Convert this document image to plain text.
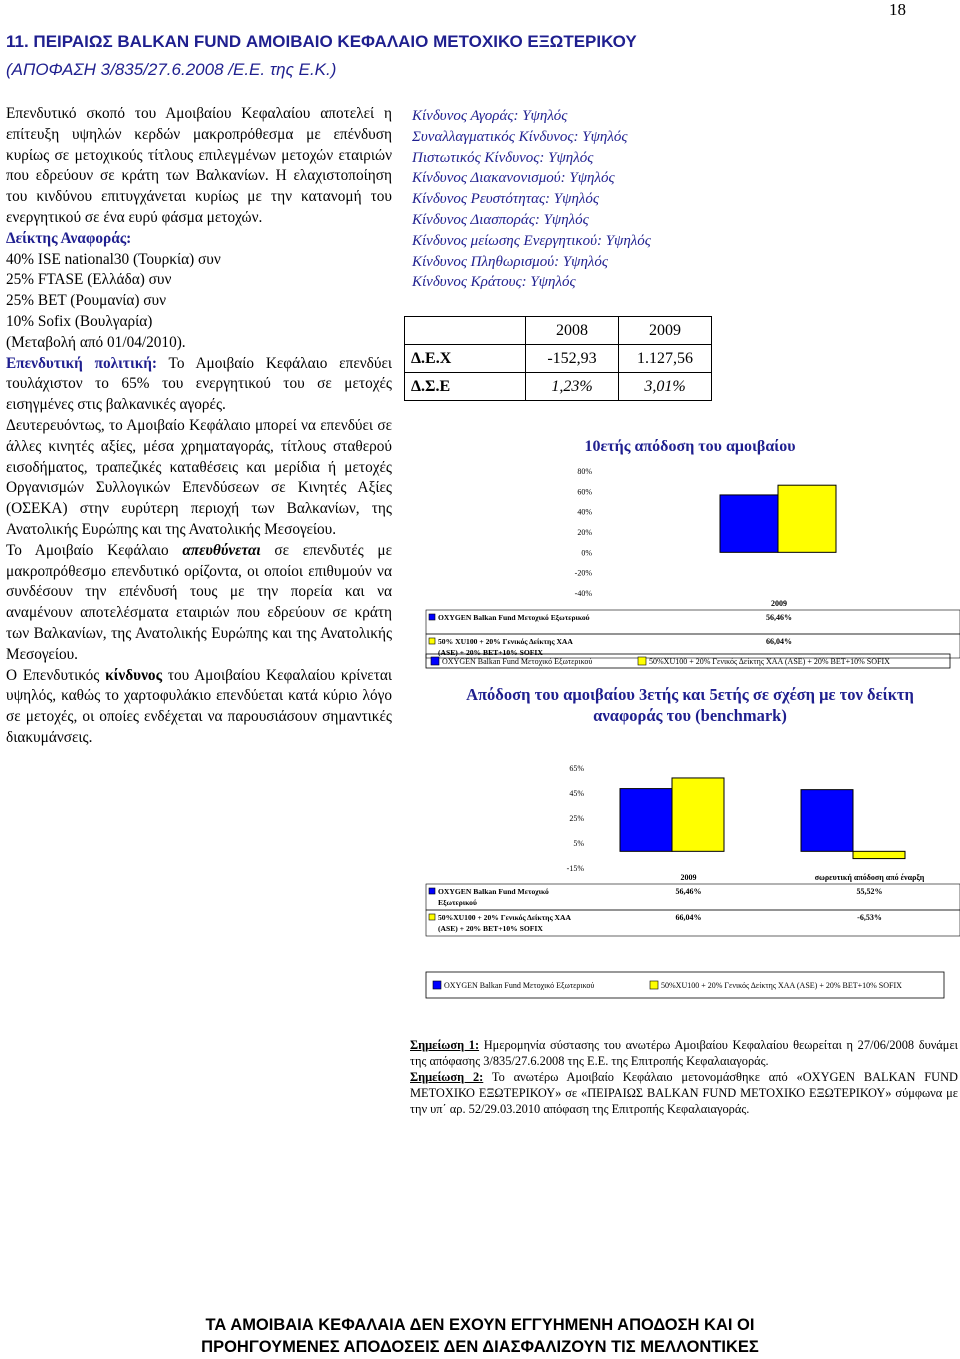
18
11. ΠΕΙΡΑΙΩΣ BALKAN FUND ΑΜΟΙΒΑΙΟ ΚΕΦΑΛΑΙΟ ΜΕΤΟΧΙΚΟ ΕΞΩΤΕΡΙΚΟΥ
(ΑΠΟΦΑΣΗ 3/835/27.6.2008 /Ε.Ε. της Ε.Κ.)

Επενδυτικό σκοπό του Αμοιβαίου Κεφαλαίου αποτελεί η επίτευξη υψηλών κερδών μακροπρόθεσμα με επένδυση κυρίως σε μετοχικούς τίτλους επιλεγμένων μετοχών εταιριών που εδρεύουν σε κράτη των Βαλκανίων. Η ελαχιστοποίηση του κινδύνου επιτυγχάνεται κυρίως με την κατανομή του ενεργητικού σε ένα ευρύ φάσμα μετοχών.

Δείκτης Αναφοράς:

40% ISE national30 (Τουρκία) συν
25% FTASE (Ελλάδα) συν
25% BET (Ρουμανία) συν
10% Sofix (Βουλγαρία)
(Μεταβολή από 01/04/2010).

Επενδυτική πολιτική: Το Αμοιβαίο Κεφάλαιο επενδύει τουλάχιστον το 65% του ενεργητικού του σε μετοχές εισηγμένες στις βαλκανικές αγορές.

Δευτερευόντως, το Αμοιβαίο Κεφάλαιο μπορεί να επενδύει σε άλλες κινητές αξίες, μέσα χρηματαγοράς, τίτλους σταθερού εισοδήματος, τραπεζικές καταθέσεις και μερίδια ή μετοχές Οργανισμών Συλλογικών Επενδύσεων σε Κινητές Αξίες (ΟΣΕΚΑ) στην ευρύτερη περιοχή των Βαλκανίων, της Ανατολικής Ευρώπης και της Ανατολικής Μεσογείου.

Το Αμοιβαίο Κεφάλαιο απευθύνεται σε επενδυτές με μακροπρόθεσμο επενδυτικό ορίζοντα, οι οποίοι επιθυμούν να συνδέσουν την επένδυσή τους με την πορεία και να αναμένουν αποτελέσματα εταιριών που εδρεύουν σε κράτη των Βαλκανίων, της Ανατολικής Ευρώπης και της Ανατολικής Μεσογείου.

Ο Επενδυτικός κίνδυνος του Αμοιβαίου Κεφαλαίου κρίνεται υψηλός, καθώς το χαρτοφυλάκιο επενδύεται κατά κύριο λόγο σε μετοχές, οι οποίες ενδέχεται να παρουσιάσουν σημαντικές διακυμάνσεις.

Κίνδυνος Αγοράς: Υψηλός
Συναλλαγματικός Κίνδυνος: Υψηλός
Πιστωτικός Κίνδυνος: Υψηλός
Κίνδυνος Διακανονισμού: Υψηλός
Κίνδυνος Ρευστότητας: Υψηλός
Κίνδυνος Διασποράς: Υψηλός
Κίνδυνος μείωσης Ενεργητικού: Υψηλός
Κίνδυνος Πληθωρισμού: Υψηλός
Κίνδυνος Κράτους: Υψηλός
	2008	2009
Δ.Ε.Χ	-152,93	1.127,56
Δ.Σ.Ε	1,23%	3,01%
10ετής απόδοση του αμοιβαίου
80%
60%
40%
20%
0%
-20%
-40%
2009
OXYGEN Balkan Fund Μετοχικό Εξωτερικού	56,46%
50% XU100 + 20% Γενικός Δείκτης ΧΑΑ
(ASE) + 20% BET+10% SOFIX
66,04%
OXYGEN Balkan Fund Μετοχικό Εξωτερικού	50%XU100 + 20% Γενικός Δείκτης ΧΑΑ (ASE) + 20% BET+10% SOFIX
Απόδοση του αμοιβαίου 3ετής και 5ετής σε σχέση με τον δείκτη αναφοράς του (benchmark)
65%
45%
25%
5%
-15%
2009	σωρευτική απόδοση από έναρξη
OXYGEN Balkan Fund Μετοχικό
Εξωτερικού
56,46%	55,52%
50%XU100 + 20% Γενικός Δείκτης ΧΑΑ
(ASE) + 20% BET+10% SOFIX
66,04%	-6,53%
OXYGEN Balkan Fund Μετοχικό Εξωτερικού	50%XU100 + 20% Γενικός Δείκτης ΧΑΑ (ASE) + 20% BET+10% SOFIX

Σημείωση 1: Ημερομηνία σύστασης του ανωτέρω Αμοιβαίου Κεφαλαίου θεωρείται η 27/06/2008 δυνάμει της απόφασης 3/835/27.6.2008 της Ε.Ε. της Επιτροπής Κεφαλαιαγοράς.

Σημείωση 2: Το ανωτέρω Αμοιβαίο Κεφάλαιο μετονομάσθηκε από «OXYGEN BALKAN FUND ΜΕΤΟΧΙΚΟ ΕΞΩΤΕΡΙΚΟΥ» σε «ΠΕΙΡΑΙΩΣ BALKAN FUND ΜΕΤΟΧΙΚΟ ΕΞΩΤΕΡΙΚΟΥ» σύμφωνα με την υπ΄ αρ. 52/29.03.2010 απόφαση της Επιτροπής Κεφαλαιαγοράς.

ΤΑ ΑΜΟΙΒΑΙΑ ΚΕΦΑΛΑΙΑ ΔΕΝ ΕΧΟΥΝ ΕΓΓΥΗΜΕΝΗ ΑΠΟΔΟΣΗ ΚΑΙ ΟΙ
ΠΡΟΗΓΟΥΜΕΝΕΣ ΑΠΟΔΟΣΕΙΣ ΔΕΝ ΔΙΑΣΦΑΛΙΖΟΥΝ ΤΙΣ ΜΕΛΛΟΝΤΙΚΕΣ
